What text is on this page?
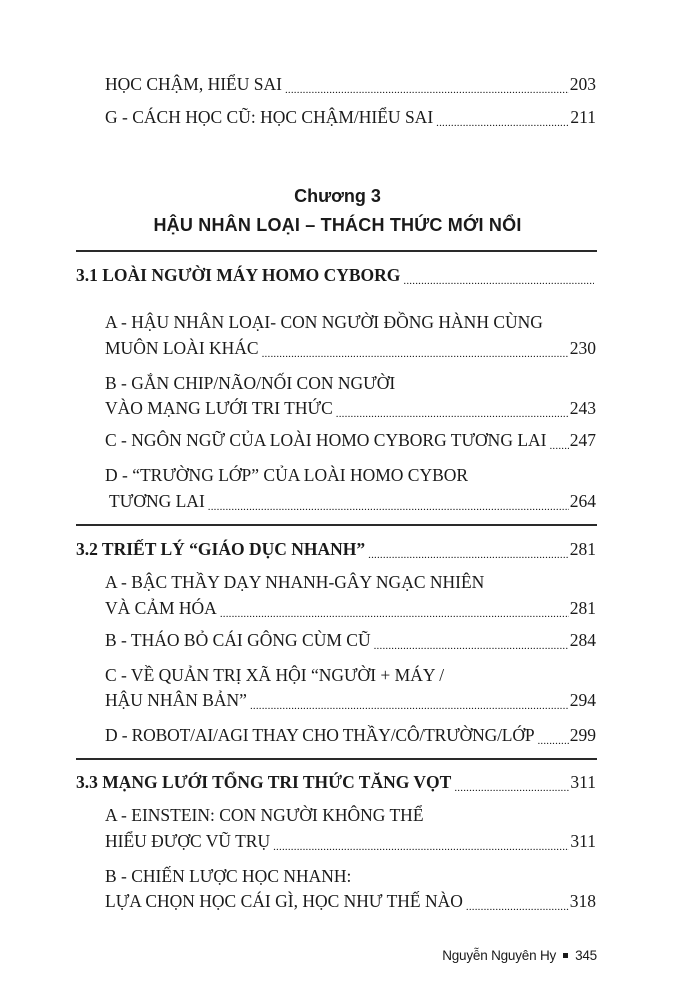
HỌC CHẬM, HIỂU SAI .....	203
G - CÁCH HỌC CŨ: HỌC CHẬM/HIỂU SAI .....	211
Chương 3
HẬU NHÂN LOẠI – THÁCH THỨC MỚI NỔI
3.1 LOÀI NGƯỜI MÁY HOMO CYBORG
.....
A - HẬU NHÂN LOẠI- CON NGƯỜI ĐỒNG HÀNH CÙNG
MUÔN LOÀI KHÁC .....	230
B - GẮN CHIP/NÃO/NỐI CON NGƯỜI
VÀO MẠNG LƯỚI TRI THỨC .....	243
C - NGÔN NGỮ CỦA LOÀI HOMO CYBORG TƯƠNG LAI ..... 247
D - “TRƯỜNG LỚP” CỦA LOÀI HOMO CYBOR
TƯƠNG LAI .....	264
3.2 TRIẾT LÝ “GIÁO DỤC NHANH” .....	281
A - BẬC THẦY DẠY NHANH-GÂY NGẠC NHIÊN
VÀ CẢM HÓA .....	281
B - THÁO BỎ CÁI GÔNG CÙM CŨ .....	284
C - VỀ QUẢN TRỊ XÃ HỘI “NGƯỜI + MÁY /
HẬU NHÂN BẢN” .....	294
D - ROBOT/AI/AGI THAY CHO THẦY/CÔ/TRƯỜNG/LỚP ..... 299
3.3 MẠNG LƯỚI TỔNG TRI THỨC TĂNG VỌT .....	311
A - EINSTEIN: CON NGƯỜI KHÔNG THỂ
HIỂU ĐƯỢC VŨ TRỤ .....	311
B - CHIẾN LƯỢC HỌC NHANH:
LỰA CHỌN HỌC CÁI GÌ, HỌC NHƯ THẾ NÀO .....	318
Nguyễn Nguyên Hy 345
